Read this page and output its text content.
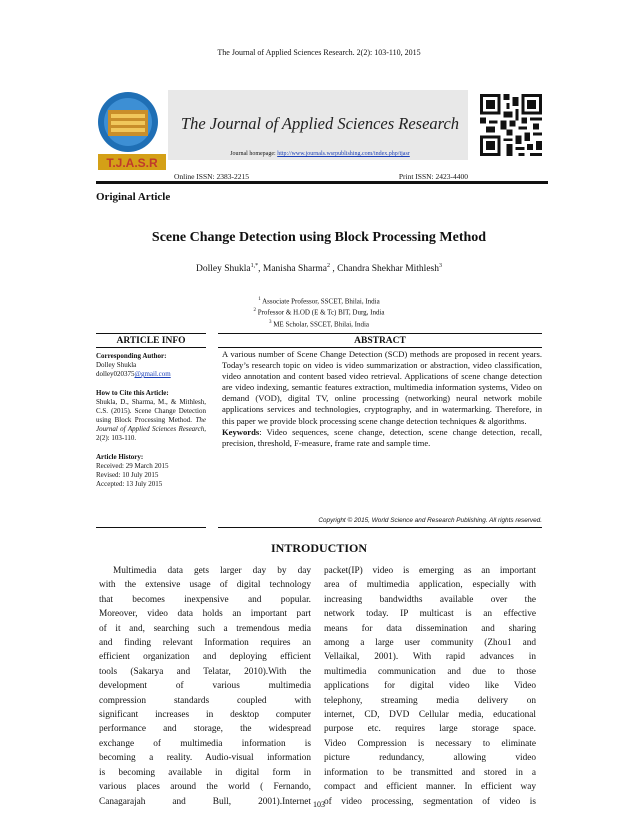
The Journal of Applied Sciences Research. 2(2): 103-110, 2015
T.J.A.S.R
The Journal of Applied Sciences Research
Journal homepage: http://www.journals.wsrpublishing.com/index.php/tjasr
Online ISSN: 2383-2215	Print ISSN: 2423-4400
Original Article
Scene Change Detection using Block Processing Method
Dolley Shukla$^{1,*}$, Manisha Sharma$^2$ , Chandra Shekhar Mithlesh$^3$
$^1$ Associate Professor, SSCET, Bhilai, India
$^2$ Professor & H.OD (E & Tc) BIT, Durg, India
$^3$ ME Scholar, SSCET, Bhilai, India
ARTICLE INFO	ABSTRACT

Corresponding Author:
Dolley Shukla
dolley020375@gmail.com

How to Cite this Article:
Shukla, D., Sharma, M., & Mithlesh, C.S. (2015). Scene Change Detection using Block Processing Method. The Journal of Applied Sciences Research, 2(2): 103-110.

Article History:
Received: 29 March 2015
Revised: 10 July 2015
Accepted: 13 July 2015

A various number of Scene Change Detection (SCD) methods are proposed in recent years. Today’s research topic on video is video summarization or abstraction, video classification, video annotation and content based video retrieval. Applications of scene change detection are video indexing, semantic features extraction, multimedia information systems, Video on demand (VOD), digital TV, online processing (networking) neural network mobile applications services and technologies, cryptography, and in watermarking. Therefore, in this paper we provide block processing scene change detection techniques & algorithms.
Keywords: Video sequences, scene change, detection, scene change detection, recall, precision, threshold, F-measure, frame rate and sample time.
Copyright © 2015, World Science and Research Publishing. All rights reserved.
INTRODUCTION
Multimedia data gets larger day by day
with the extensive usage of digital technology
that becomes inexpensive and popular.
Moreover, video data holds an important part
of it and, searching such a tremendous media
and finding relevant Information requires an
efficient organization and deploying efficient
tools (Sakarya and Telatar, 2010).With the
development of various multimedia
compression standards coupled with
significant increases in desktop computer
performance and storage, the widespread
exchange of multimedia information is
becoming a reality. Audio-visual information
is becoming available in digital form in
various places around the world ( Fernando,
Canagarajah and Bull, 2001).Internet
packet(IP) video is emerging as an important
area of multimedia application, especially with
increasing bandwidths available over the
network today. IP multicast is an effective
means for data dissemination and sharing
among a large user community (Zhou1 and
Vellaikal, 2001). With rapid advances in
multimedia communication and due to those
applications for digital video like Video
telephony, streaming media delivery on
internet, CD, DVD Cellular media, educational
purpose etc. requires large storage space.
Video Compression is necessary to eliminate
picture redundancy, allowing video
information to be transmitted and stored in a
compact and efficient manner. In efficient way
of video processing, segmentation of video is
103
